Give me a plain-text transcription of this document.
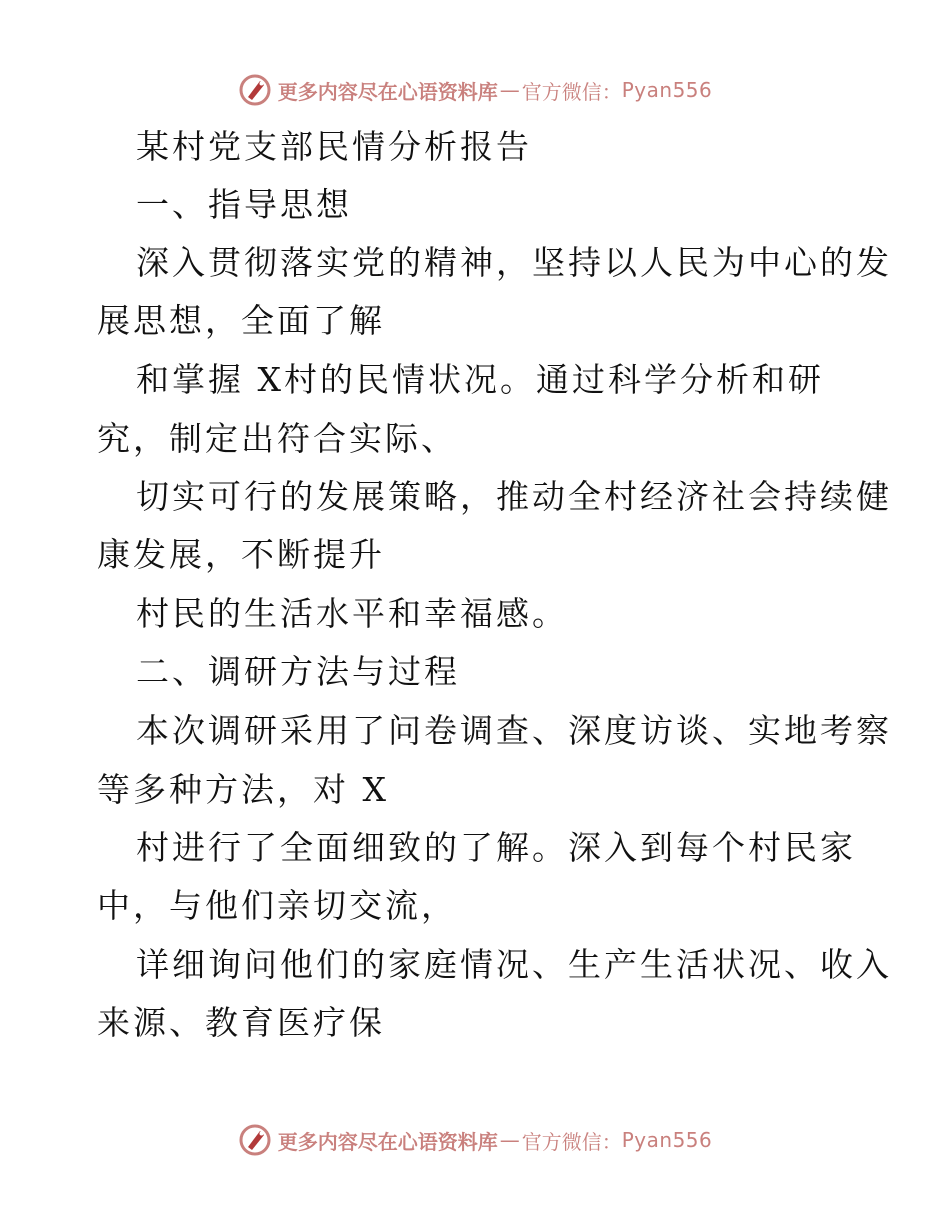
更多内容尽在心语资料库 — 官方微信： Pyan556
某村党支部民情分析报告
一、指导思想
深入贯彻落实党的精神，坚持以人民为中心的发
展思想，全面了解
和掌握 X村的民情状况。通过科学分析和研
究，制定出符合实际、
切实可行的发展策略，推动全村经济社会持续健
康发展，不断提升
村民的生活水平和幸福感。
二、调研方法与过程
本次调研采用了问卷调查、深度访谈、实地考察
等多种方法，对 X
村进行了全面细致的了解。深入到每个村民家
中，与他们亲切交流，
详细询问他们的家庭情况、生产生活状况、收入
来源、教育医疗保
更多内容尽在心语资料库 — 官方微信： Pyan556
